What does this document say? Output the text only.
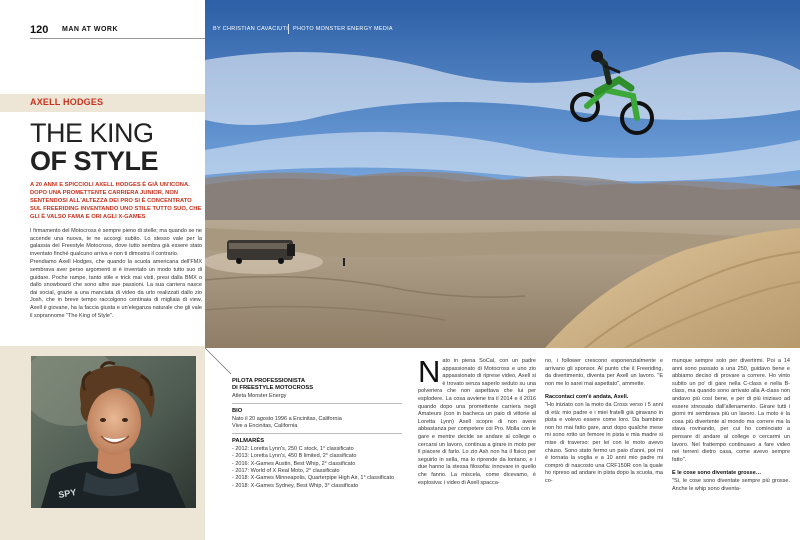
120 MAN AT WORK
AXELL HODGES
THE KING
OF STYLE
A 20 ANNI E SPICCIOLI AXELL HODGES È GIÀ UN'ICONA. DOPO UNA PROMETTENTE CARRIERA JUNIOR, NON SENTENDOSI ALL'ALTEZZA DEI PRO SI È CONCENTRATO SUL FREERIDING INVENTANDO UNO STILE TUTTO SUO, CHE GLI È VALSO FAMA E ORI AGLI X-GAMES

I firmamento del Motocross è sempre pieno di stelle; ma quando se ne accende una nuova, te ne accorgi subito. Lo stesso vale per la galassia del Freestyle Motocross, dove tutto sembra già essere stato inventato finché qualcuno arriva e non ti dimostra il contrario.

Prendiamo Axell Hodges, che quando la scuola americana dell'FMX sembrava aver perso argomenti si è inventato un modo tutto suo di guidare. Poche rampe, tanto stile e trick mai visti, presi dalla BMX o dallo snowboard che sono altre sue passioni. La sua carriera nasce dai social, grazie a una manciata di video da urlo realizzati dallo zio Josh, che in breve tempo raccolgono centinaia di migliaia di view. Axell è giovane, ha la faccia giusta e un'eleganza naturale che gli vale il soprannome "The King of Style".

SPY
BY CHRISTIAN CAVACIUTI PHOTO MONSTER ENERGY MEDIA
PILOTA PROFESSIONISTA
DI FREESTYLE MOTOCROSS
Atleta Monster Energy
BIO
Nato il 20 agosto 1996 a Encinitas, California
Vive a Encinitas, California
PALMARÈS
- 2012: Loretta Lynn's, 250 C stock, 1° classificato
- 2013: Loretta Lynn's, 450 B limited, 2° classificato
- 2016: X-Games Austin, Best Whip, 2° classificato
- 2017: World of X Real Moto, 2° classificato
- 2018: X-Games Minneapolis, Quarterpipe High Air, 1° classificato
- 2018: X-Games Sydney, Best Whip, 3° classificato
Nato in piena SoCal, con un padre appassionato di Motocross e uno zio appassionato di riprese video, Axell si è trovato senza saperlo seduto su una polveriera che non aspettava che lui per esplodere. La cosa avviene tra il 2014 e il 2016 quando dopo una promettente carriera negli Amateurs (con in bacheca un paio di vittorie al Loretta Lynn) Axell scopre di non avere abbastanza per competere coi Pro. Molla con le gare e mentre decide se andare al college o cercarsi un lavoro, continua a girare in moto per il piacere di farlo. Lo zio Ash non ha il fisico per seguirlo in sella, ma lo riprende da lontano, e i due hanno la stessa filosofia: innovare in quello che fanno. La miscela, come dicevamo, è esplosiva: i video di Axell spacca-
no, i follower crescono esponenzialmente e arrivano gli sponsor. Al punto che il Freeriding, da divertimento, diventa per Axell un lavoro. "E non me lo sarei mai aspettato", ammette.
Raccontaci com'è andata, Axell.
"Ho iniziato con la moto da Cross verso i 5 anni di età: mio padre e i miei fratelli già giravano in pista e volevo essere come loro. Da bambino non ho mai fatto gare, anzi dopo qualche mese mi sono rotto un femore in pista e mia madre si mise di traverso: per lei con le moto avevo chiuso. Sono stato fermo un paio d'anni, poi mi è tornata la voglia e a 10 anni mio padre mi comprò di nascosto una CRF150R con la quale ho ripreso ad andare in pista dopo la scuola, ma co-
munque sempre solo per divertirmi. Poi a 14 anni sono passato a una 250, guidavo bene e abbiamo deciso di provare a correre. Ho vinto subito un po' di gare nella C-class e nella B-class, ma quando sono arrivato alla A-class non andavo più così bene, e per di più iniziavo ad essere stressato dall'allenamento. Girare tutti i giorni mi sembrava più un lavoro. La moto è la cosa più divertente al mondo ma correre ma la stava rovinando, per cui ho cominciato a pensare di andare al college o cercarmi un lavoro. Nel frattempo continuavo a fare video nei terreni dietro casa, come avevo sempre fatto".
E le cose sono diventate grosse…
"Sì, le cose sono diventate sempre più grosse. Anche le whip sono diventa-
